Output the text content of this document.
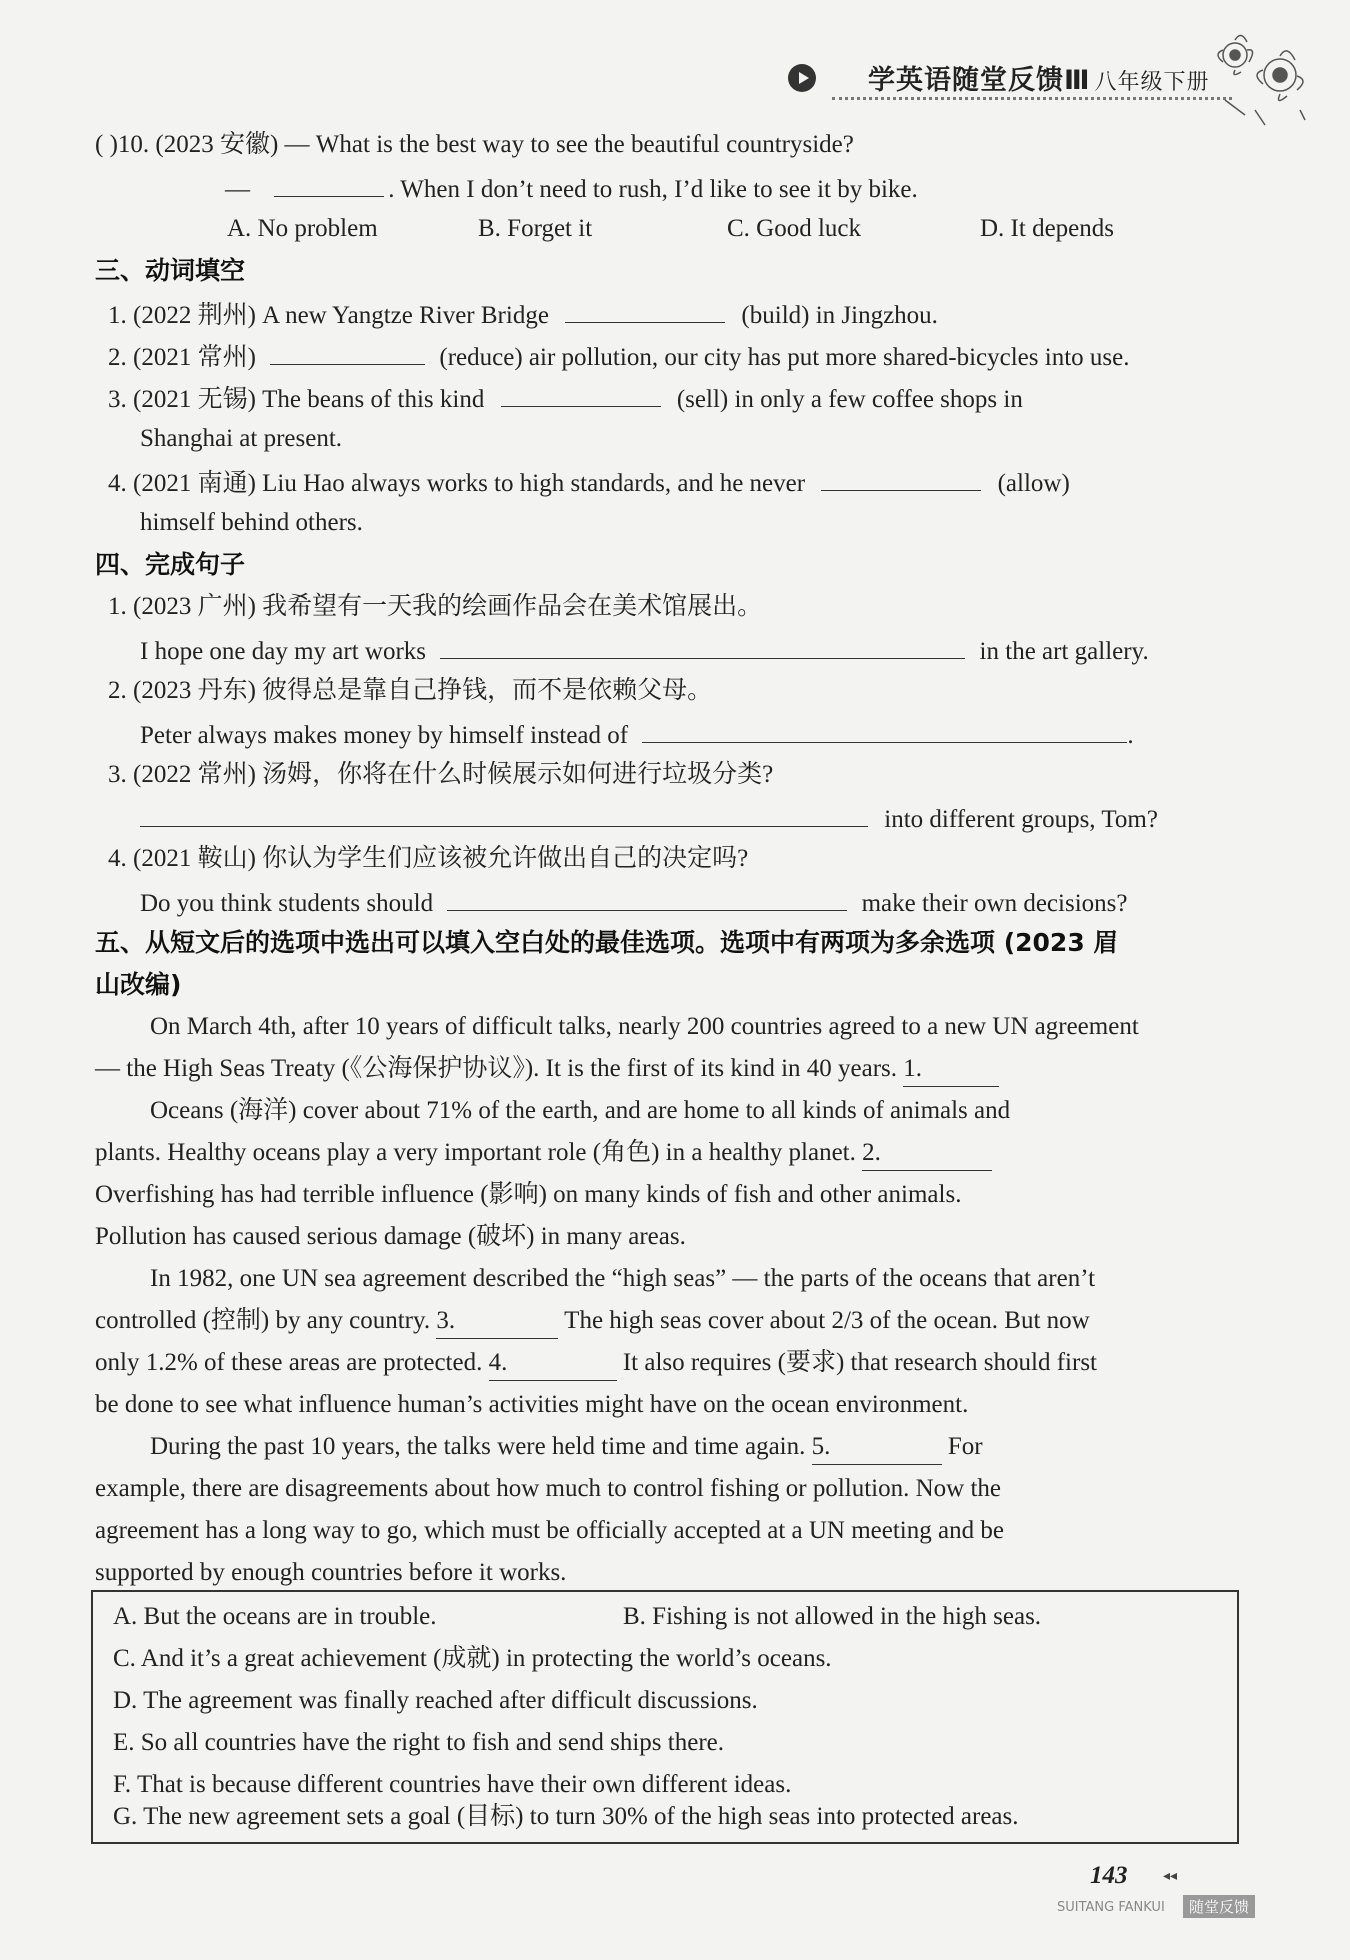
学英语随堂反馈Ⅲ 八年级下册
( )10. (2023 安徽) — What is the best way to see the beautiful countryside?
—	. When I don’t need to rush, I’d like to see it by bike.
A. No problem	B. Forget it	C. Good luck	D. It depends
三、动词填空
1. (2022 荆州) A new Yangtze River Bridge	(build) in Jingzhou.
2. (2021 常州)	(reduce) air pollution, our city has put more shared-bicycles into use.
3. (2021 无锡) The beans of this kind	(sell) in only a few coffee shops in
Shanghai at present.
4. (2021 南通) Liu Hao always works to high standards, and he never	(allow)
himself behind others.
四、完成句子
1. (2023 广州) 我希望有一天我的绘画作品会在美术馆展出。
I hope one day my art works	in the art gallery.
2. (2023 丹东) 彼得总是靠自己挣钱，而不是依赖父母。
Peter always makes money by himself instead of	.
3. (2022 常州) 汤姆，你将在什么时候展示如何进行垃圾分类?
into different groups, Tom?
4. (2021 鞍山) 你认为学生们应该被允许做出自己的决定吗?
Do you think students should	make their own decisions?
五、从短文后的选项中选出可以填入空白处的最佳选项。选项中有两项为多余选项 (2023 眉
山改编)
On March 4th, after 10 years of difficult talks, nearly 200 countries agreed to a new UN agreement
— the High Seas Treaty (《公海保护协议》). It is the first of its kind in 40 years. 1.
Oceans (海洋) cover about 71% of the earth, and are home to all kinds of animals and
plants. Healthy oceans play a very important role (角色) in a healthy planet. 2.
Overfishing has had terrible influence (影响) on many kinds of fish and other animals.
Pollution has caused serious damage (破坏) in many areas.
In 1982, one UN sea agreement described the “high seas” — the parts of the oceans that aren’t
controlled (控制) by any country. 3.	The high seas cover about 2/3 of the ocean. But now
only 1.2% of these areas are protected. 4.	It also requires (要求) that research should first
be done to see what influence human’s activities might have on the ocean environment.
During the past 10 years, the talks were held time and time again. 5.	For
example, there are disagreements about how much to control fishing or pollution. Now the
agreement has a long way to go, which must be officially accepted at a UN meeting and be
supported by enough countries before it works.
A. But the oceans are in trouble.	B. Fishing is not allowed in the high seas.
C. And it’s a great achievement (成就) in protecting the world’s oceans.
D. The agreement was finally reached after difficult discussions.
E. So all countries have the right to fish and send ships there.
F. That is because different countries have their own different ideas.
G. The new agreement sets a goal (目标) to turn 30% of the high seas into protected areas.
143	◂◂
SUITANG FANKUI	随堂反馈
